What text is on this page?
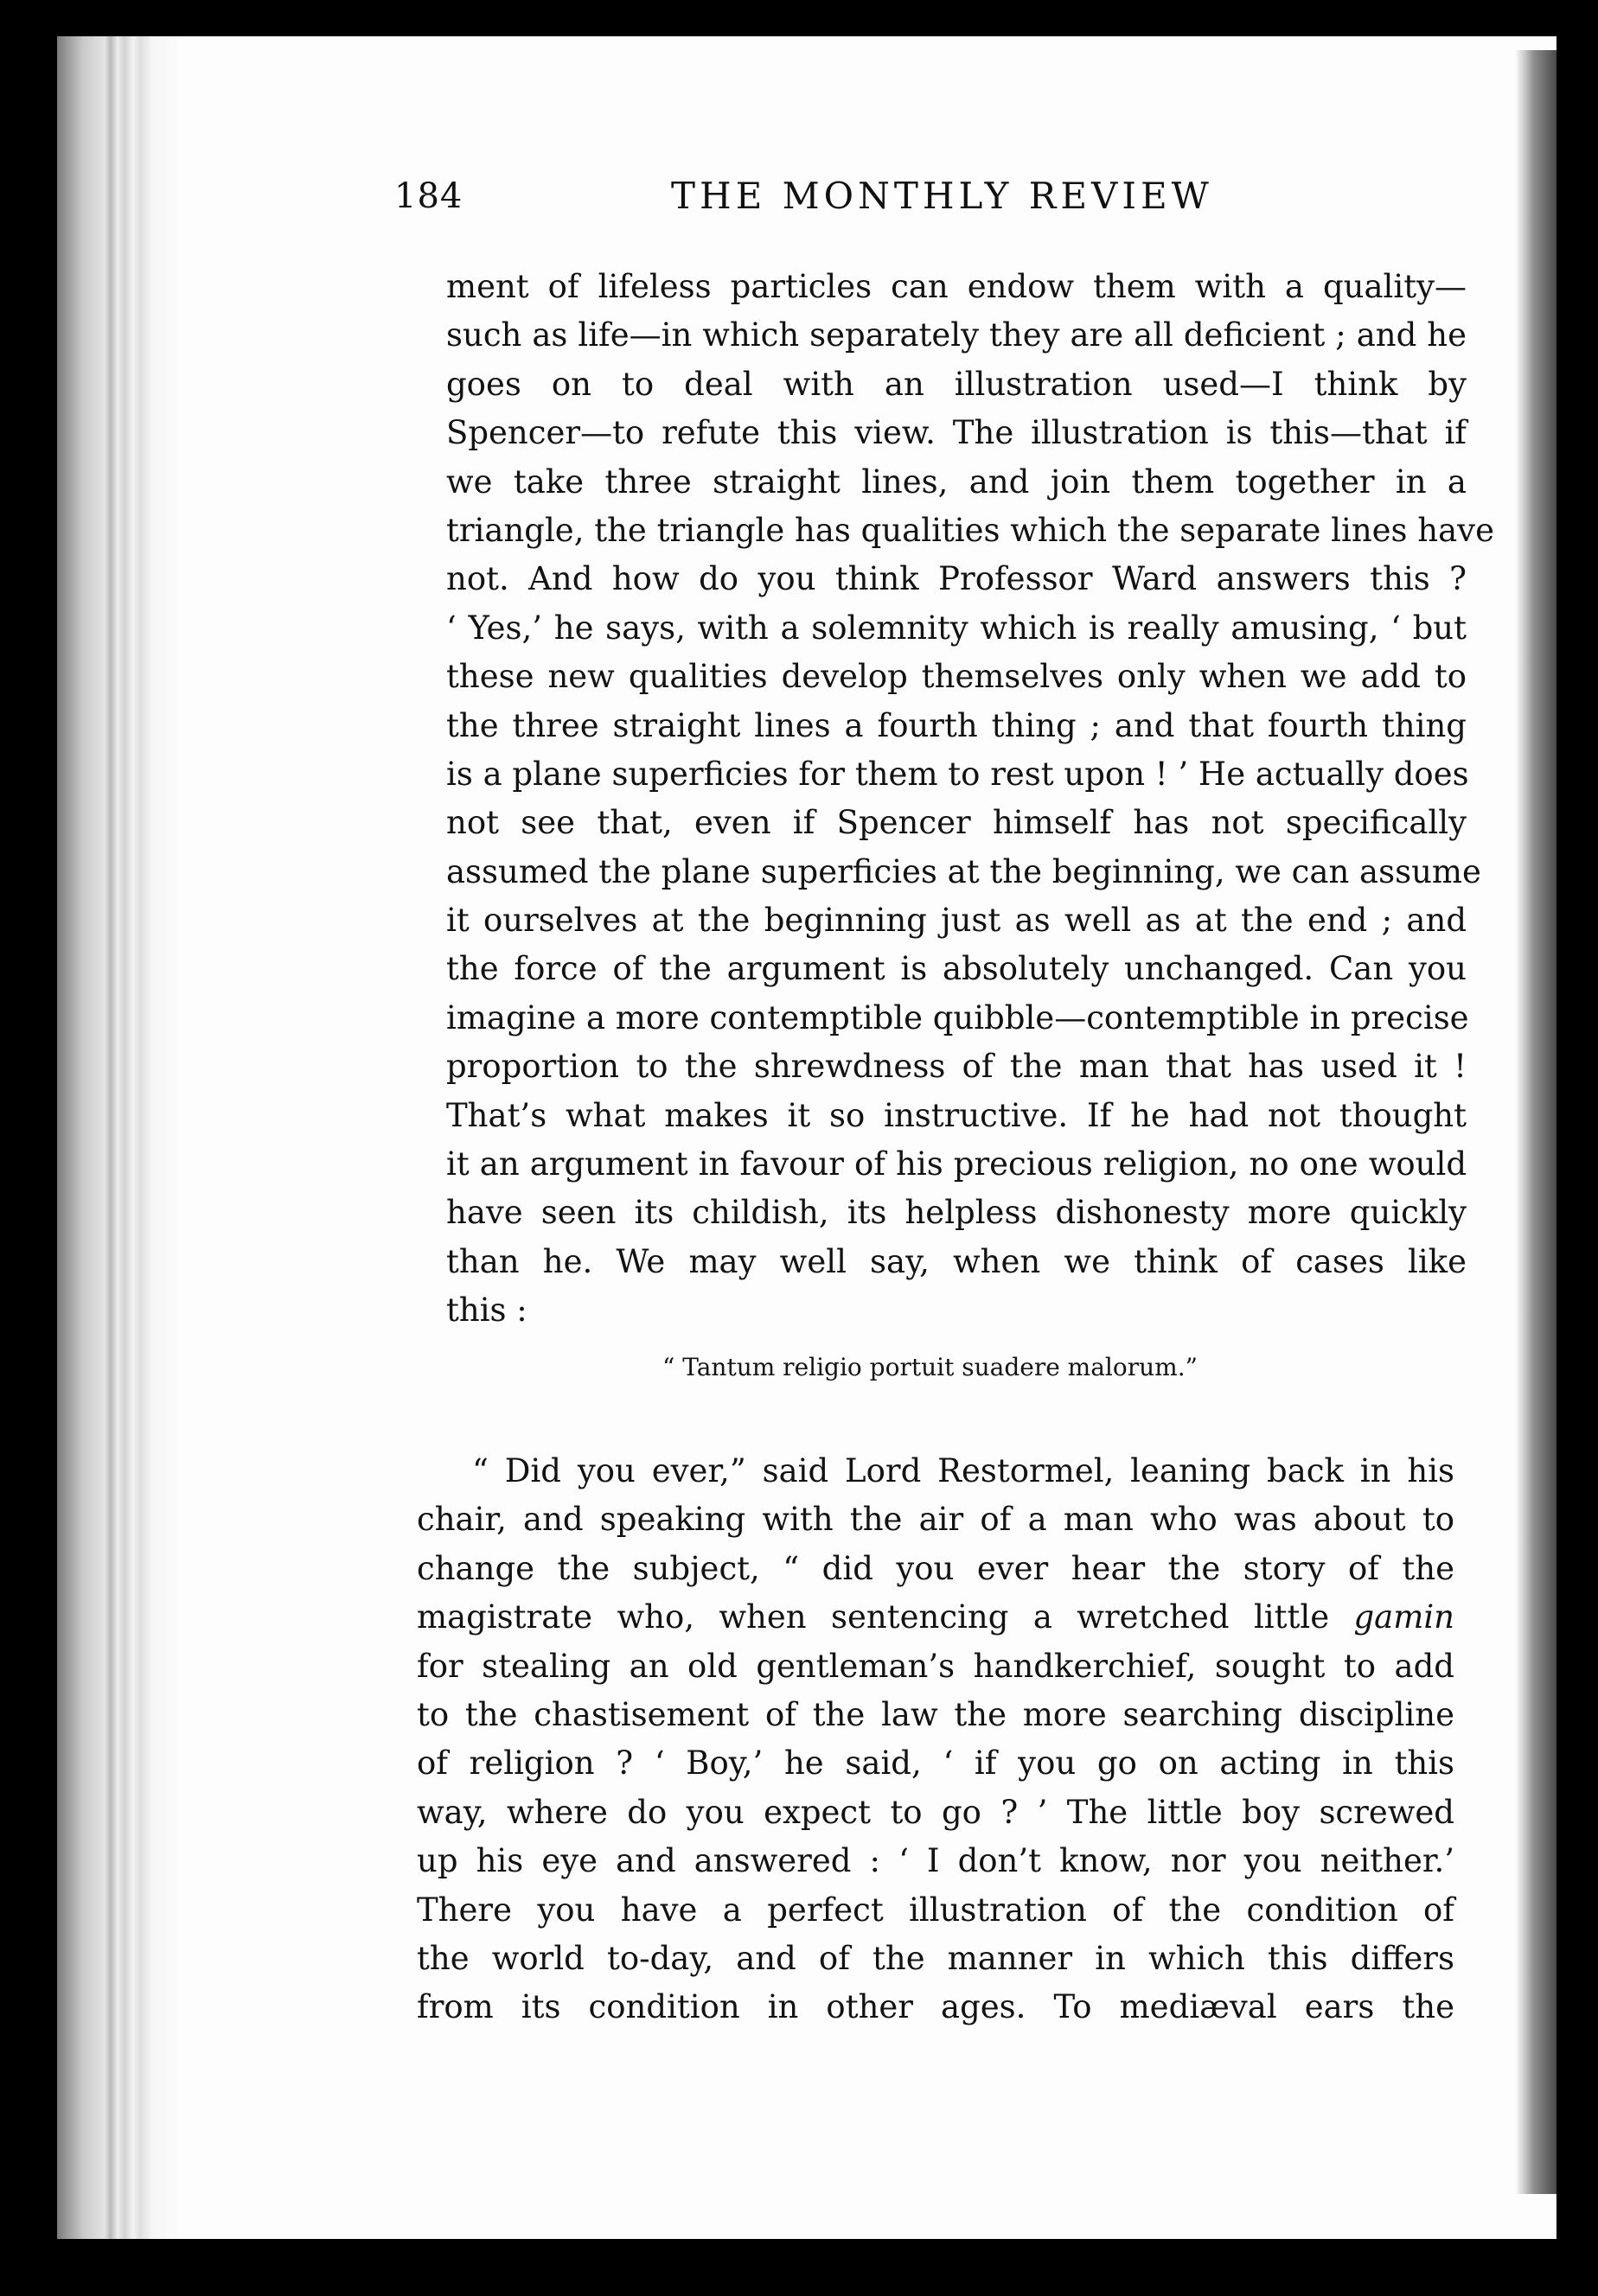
184	THE MONTHLY REVIEW
ment of lifeless particles can endow them with a quality—
such as life—in which separately they are all deficient ; and he
goes on to deal with an illustration used—I think by
Spencer—to refute this view. The illustration is this—that if
we take three straight lines, and join them together in a
triangle, the triangle has qualities which the separate lines have
not. And how do you think Professor Ward answers this ?
‘ Yes,’ he says, with a solemnity which is really amusing, ‘ but
these new qualities develop themselves only when we add to
the three straight lines a fourth thing ; and that fourth thing
is a plane superficies for them to rest upon ! ’ He actually does
not see that, even if Spencer himself has not specifically
assumed the plane superficies at the beginning, we can assume
it ourselves at the beginning just as well as at the end ; and
the force of the argument is absolutely unchanged. Can you
imagine a more contemptible quibble—contemptible in precise
proportion to the shrewdness of the man that has used it !
That’s what makes it so instructive. If he had not thought
it an argument in favour of his precious religion, no one would
have seen its childish, its helpless dishonesty more quickly
than he. We may well say, when we think of cases like
this :
“ Tantum religio portuit suadere malorum.”
“ Did you ever,” said Lord Restormel, leaning back in his
chair, and speaking with the air of a man who was about to
change the subject, “ did you ever hear the story of the
magistrate who, when sentencing a wretched little gamin
for stealing an old gentleman’s handkerchief, sought to add
to the chastisement of the law the more searching discipline
of religion ? ‘ Boy,’ he said, ‘ if you go on acting in this
way, where do you expect to go ? ’ The little boy screwed
up his eye and answered : ‘ I don’t know, nor you neither.’
There you have a perfect illustration of the condition of
the world to-day, and of the manner in which this differs
from its condition in other ages. To mediæval ears the
